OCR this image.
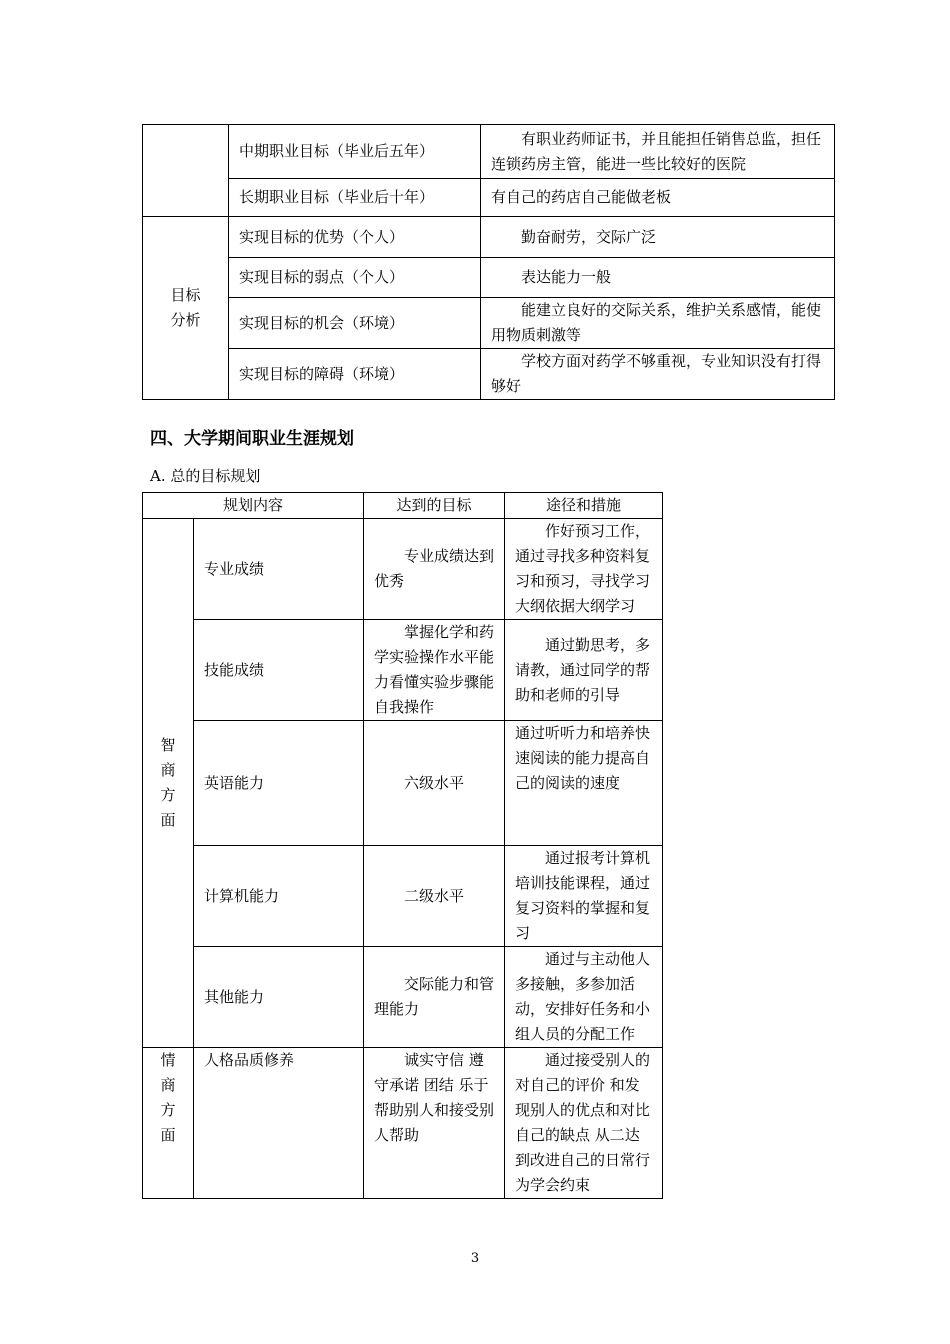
	中期职业目标（毕业后五年）	有职业药师证书，并且能担任销售总监，担任连锁药房主管，能进一些比较好的医院
	长期职业目标（毕业后十年）	有自己的药店自己能做老板

目标
分析	实现目标的优势（个人）	勤奋耐劳，交际广泛
	实现目标的弱点（个人）	表达能力一般
	实现目标的机会（环境）	能建立良好的交际关系，维护关系感情，能使用物质刺激等
	实现目标的障碍（环境）	学校方面对药学不够重视，专业知识没有打得够好
四、大学期间职业生涯规划
A. 总的目标规划
规划内容		达到的目标	途径和措施

智
商
方
面	专业成绩	专业成绩达到优秀	作好预习工作，通过寻找多种资料复习和预习，寻找学习大纲依据大纲学习
	技能成绩	掌握化学和药学实验操作水平能力看懂实验步骤能自我操作	通过勤思考，多请教，通过同学的帮助和老师的引导
	英语能力	六级水平	通过听听力和培养快速阅读的能力提高自己的阅读的速度
	计算机能力	二级水平	通过报考计算机培训技能课程，通过复习资料的掌握和复习
	其他能力	交际能力和管理能力	通过与主动他人多接触，多参加活动，安排好任务和小组人员的分配工作

情
商
方
面	人格品质修养	诚实守信 遵守承诺 团结 乐于帮助别人和接受别人帮助	通过接受别人的对自己的评价 和发现别人的优点和对比 自己的缺点 从二达到改进自己的日常行为学会约束
3
